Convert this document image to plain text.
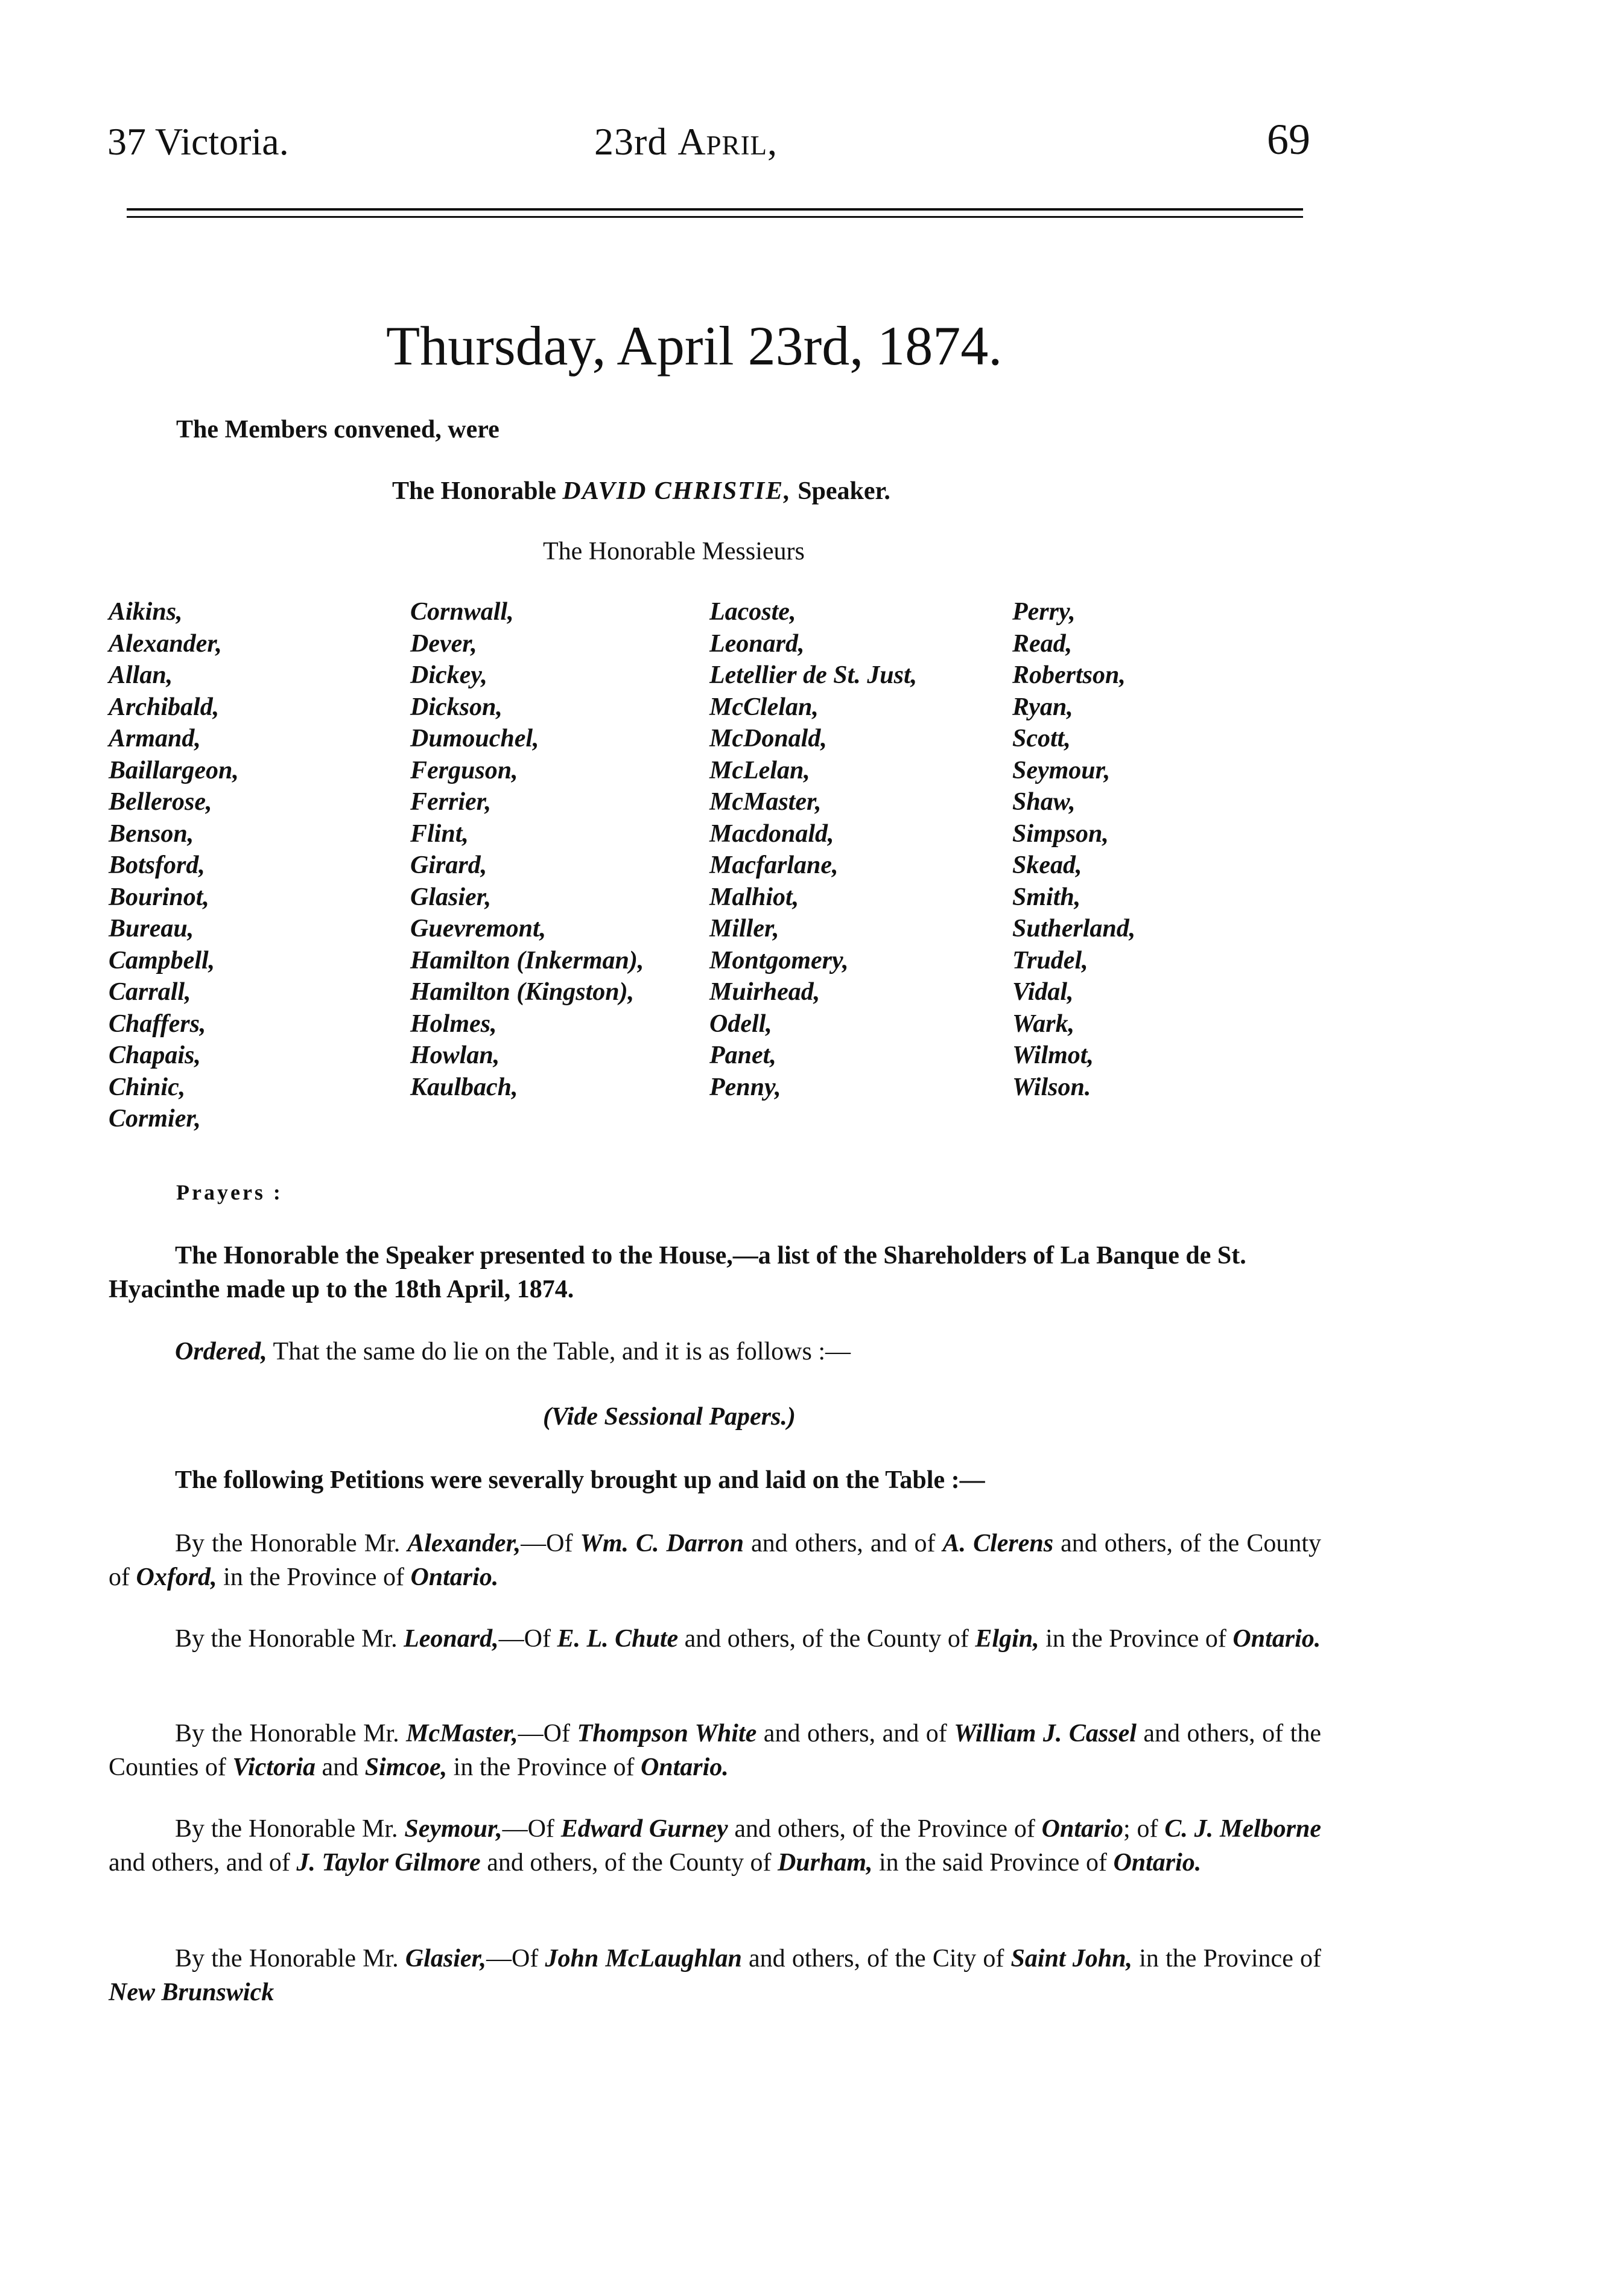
37 Victoria.	23rd April,	69
Thursday, April 23rd, 1874.
The Members convened, were
The Honorable DAVID CHRISTIE, Speaker.
The Honorable Messieurs
Aikins,
Alexander,
Allan,
Archibald,
Armand,
Baillargeon,
Bellerose,
Benson,
Botsford,
Bourinot,
Bureau,
Campbell,
Carrall,
Chaffers,
Chapais,
Chinic,
Cormier,
Cornwall,
Dever,
Dickey,
Dickson,
Dumouchel,
Ferguson,
Ferrier,
Flint,
Girard,
Glasier,
Guevremont,
Hamilton (Inkerman),
Hamilton (Kingston),
Holmes,
Howlan,
Kaulbach,
Lacoste,
Leonard,
Letellier de St. Just,
McClelan,
McDonald,
McLelan,
McMaster,
Macdonald,
Macfarlane,
Malhiot,
Miller,
Montgomery,
Muirhead,
Odell,
Panet,
Penny,
Perry,
Read,
Robertson,
Ryan,
Scott,
Seymour,
Shaw,
Simpson,
Skead,
Smith,
Sutherland,
Trudel,
Vidal,
Wark,
Wilmot,
Wilson.
Prayers :
The Honorable the Speaker presented to the House,—a list of the Shareholders of La Banque de St. Hyacinthe made up to the 18th April, 1874.
Ordered, That the same do lie on the Table, and it is as follows :—
(Vide Sessional Papers.)
The following Petitions were severally brought up and laid on the Table :—
By the Honorable Mr. Alexander,—Of Wm. C. Darron and others, and of A. Clerens and others, of the County of Oxford, in the Province of Ontario.
By the Honorable Mr. Leonard,—Of E. L. Chute and others, of the County of Elgin, in the Province of Ontario.
By the Honorable Mr. McMaster,—Of Thompson White and others, and of William J. Cassel and others, of the Counties of Victoria and Simcoe, in the Province of Ontario.
By the Honorable Mr. Seymour,—Of Edward Gurney and others, of the Province of Ontario; of C. J. Melborne and others, and of J. Taylor Gilmore and others, of the County of Durham, in the said Province of Ontario.
By the Honorable Mr. Glasier,—Of John McLaughlan and others, of the City of Saint John, in the Province of New Brunswick
